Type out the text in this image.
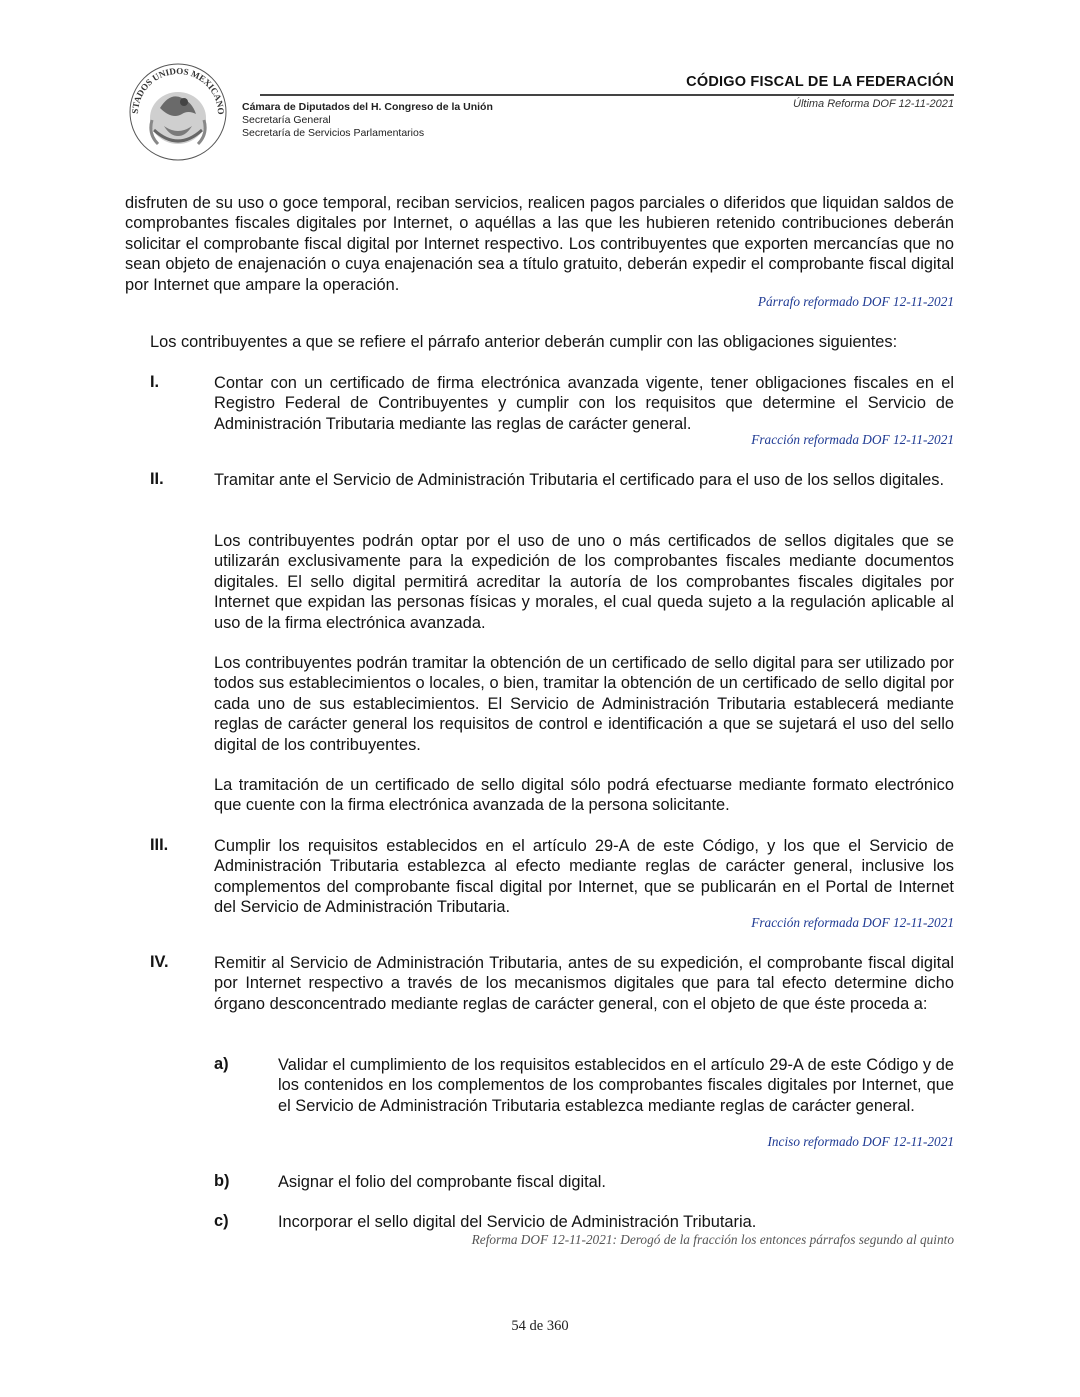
STADOS UNIDOS MEXICANO Cámara de Diputados del H. Congreso de la Unión
Secretaría General
Secretaría de Servicios Parlamentarios
CÓDIGO FISCAL DE LA FEDERACIÓN
Última Reforma DOF 12-11-2021
disfruten de su uso o goce temporal, reciban servicios, realicen pagos parciales o diferidos que liquidan saldos de comprobantes fiscales digitales por Internet, o aquéllas a las que les hubieren retenido contribuciones deberán solicitar el comprobante fiscal digital por Internet respectivo. Los contribuyentes que exporten mercancías que no sean objeto de enajenación o cuya enajenación sea a título gratuito, deberán expedir el comprobante fiscal digital por Internet que ampare la operación.
Párrafo reformado DOF 12-11-2021
Los contribuyentes a que se refiere el párrafo anterior deberán cumplir con las obligaciones siguientes:
I.	Contar con un certificado de firma electrónica avanzada vigente, tener obligaciones fiscales en el Registro Federal de Contribuyentes y cumplir con los requisitos que determine el Servicio de Administración Tributaria mediante las reglas de carácter general.
Fracción reformada DOF 12-11-2021
II.	Tramitar ante el Servicio de Administración Tributaria el certificado para el uso de los sellos digitales.
Los contribuyentes podrán optar por el uso de uno o más certificados de sellos digitales que se utilizarán exclusivamente para la expedición de los comprobantes fiscales mediante documentos digitales. El sello digital permitirá acreditar la autoría de los comprobantes fiscales digitales por Internet que expidan las personas físicas y morales, el cual queda sujeto a la regulación aplicable al uso de la firma electrónica avanzada.
Los contribuyentes podrán tramitar la obtención de un certificado de sello digital para ser utilizado por todos sus establecimientos o locales, o bien, tramitar la obtención de un certificado de sello digital por cada uno de sus establecimientos. El Servicio de Administración Tributaria establecerá mediante reglas de carácter general los requisitos de control e identificación a que se sujetará el uso del sello digital de los contribuyentes.
La tramitación de un certificado de sello digital sólo podrá efectuarse mediante formato electrónico que cuente con la firma electrónica avanzada de la persona solicitante.
III.	Cumplir los requisitos establecidos en el artículo 29-A de este Código, y los que el Servicio de Administración Tributaria establezca al efecto mediante reglas de carácter general, inclusive los complementos del comprobante fiscal digital por Internet, que se publicarán en el Portal de Internet del Servicio de Administración Tributaria.
Fracción reformada DOF 12-11-2021
IV.	Remitir al Servicio de Administración Tributaria, antes de su expedición, el comprobante fiscal digital por Internet respectivo a través de los mecanismos digitales que para tal efecto determine dicho órgano desconcentrado mediante reglas de carácter general, con el objeto de que éste proceda a:
a)	Validar el cumplimiento de los requisitos establecidos en el artículo 29-A de este Código y de los contenidos en los complementos de los comprobantes fiscales digitales por Internet, que el Servicio de Administración Tributaria establezca mediante reglas de carácter general.
Inciso reformado DOF 12-11-2021
b)	Asignar el folio del comprobante fiscal digital.
c)	Incorporar el sello digital del Servicio de Administración Tributaria.
Reforma DOF 12-11-2021: Derogó de la fracción los entonces párrafos segundo al quinto
54 de 360
